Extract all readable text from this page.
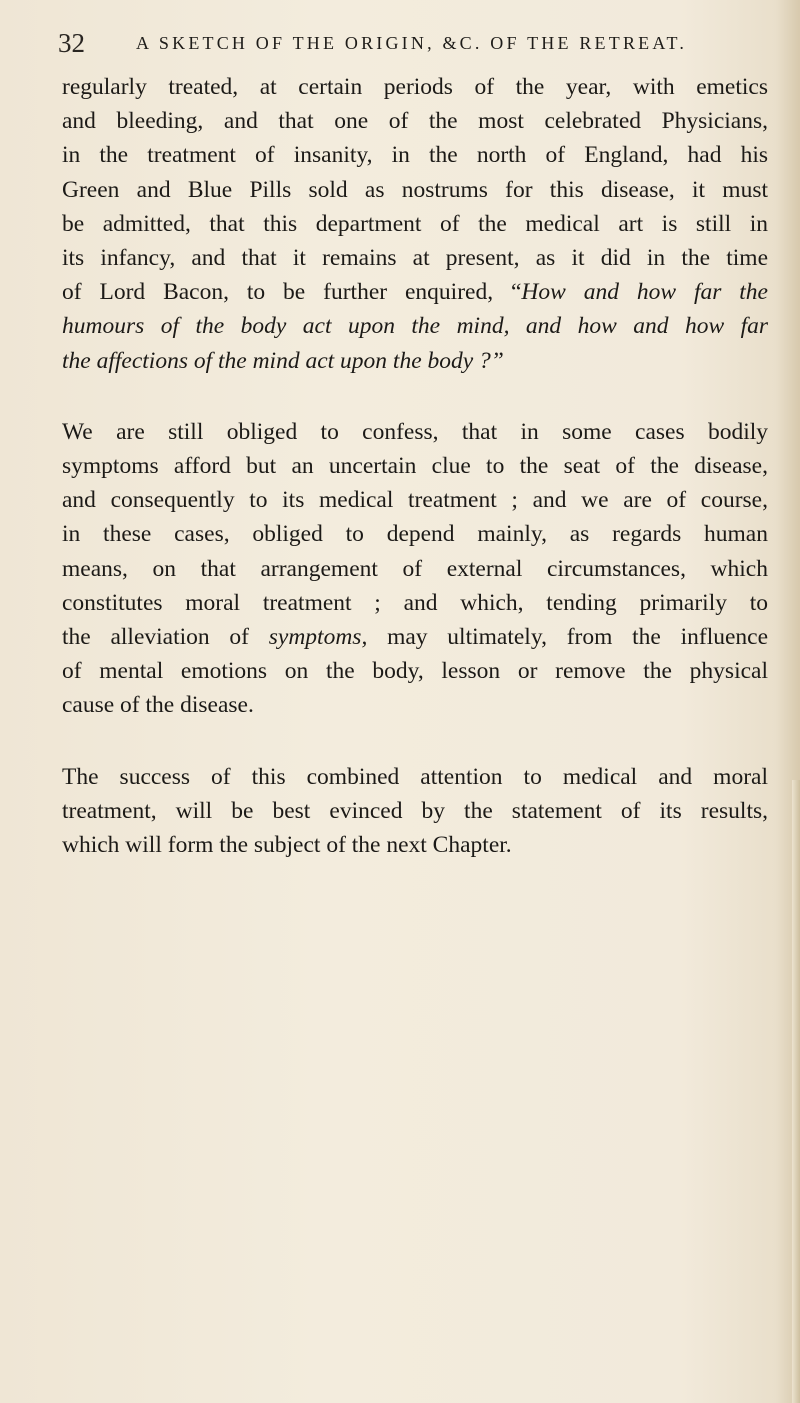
32	A SKETCH OF THE ORIGIN, &C. OF THE RETREAT.

regularly treated, at certain periods of the year, with emetics
and bleeding, and that one of the most celebrated Physicians,
in the treatment of insanity, in the north of England, had his
Green and Blue Pills sold as nostrums for this disease, it must
be admitted, that this department of the medical art is still in
its infancy, and that it remains at present, as it did in the time
of Lord Bacon, to be further enquired, “How and how far the
humours of the body act upon the mind, and how and how far
the affections of the mind act upon the body ?”

We are still obliged to confess, that in some cases bodily
symptoms afford but an uncertain clue to the seat of the disease,
and consequently to its medical treatment ; and we are of course,
in these cases, obliged to depend mainly, as regards human
means, on that arrangement of external circumstances, which
constitutes moral treatment ; and which, tending primarily to
the alleviation of symptoms, may ultimately, from the influence
of mental emotions on the body, lesson or remove the physical
cause of the disease.

The success of this combined attention to medical and moral
treatment, will be best evinced by the statement of its results,
which will form the subject of the next Chapter.
